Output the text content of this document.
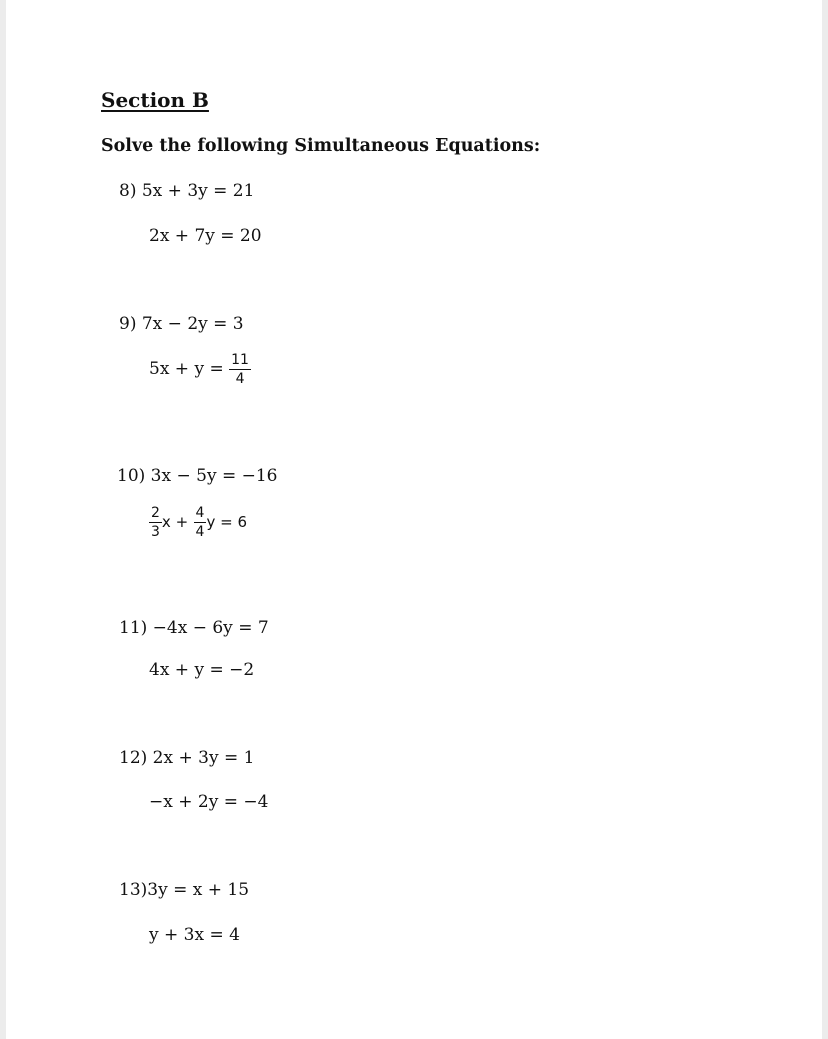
Section B
Solve the following Simultaneous Equations:
8) 5x + 3y = 21
2x + 7y = 20
9) 7x − 2y = 3
$5x + y = \frac{11}{4}$
10) 3x − 5y = −16
$\frac{2}{3}$ $x + \frac{4}{4}$ y = 6
11) −4x − 6y = 7
4x + y = −2
12) 2x + 3y = 1
−x + 2y = −4
13)3y = x + 15
y + 3x = 4
